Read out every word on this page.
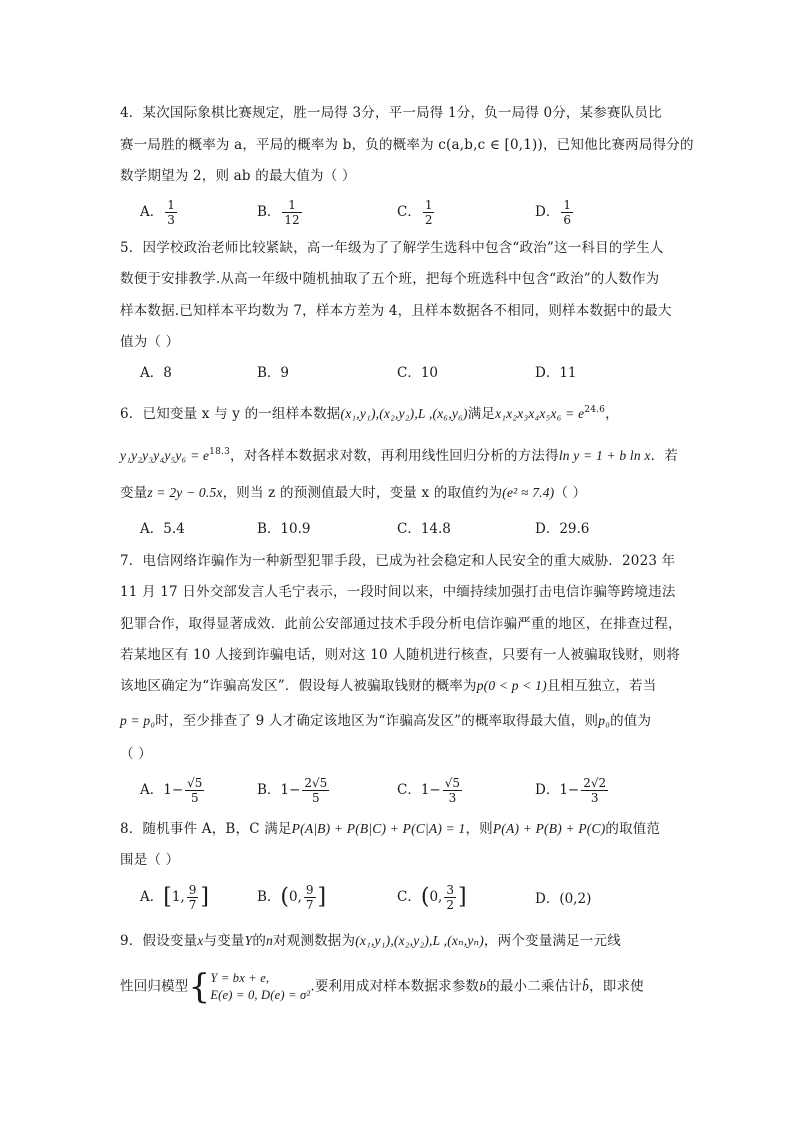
4．某次国际象棋比赛规定，胜一局得 3分，平一局得 1分，负一局得 0分，某参赛队员比
赛一局胜的概率为 a，平局的概率为 b，负的概率为 c(a,b,c ∈ [0,1))，已知他比赛两局得分的
数学期望为 2，则 ab 的最大值为（ ）
A． $\frac{1}{3}$	B． $\frac{1}{12}$	C． $\frac{1}{2}$	D． $\frac{1}{6}$
5．因学校政治老师比较紧缺，高一年级为了了解学生选科中包含“政治”这一科目的学生人
数便于安排教学.从高一年级中随机抽取了五个班，把每个班选科中包含“政治”的人数作为
样本数据.已知样本平均数为 7，样本方差为 4，且样本数据各不相同，则样本数据中的最大
值为（ ）
A．8	B．9	C．10	D．11
6．已知变量 x 与 y 的一组样本数据(x₁,y₁),(x₂,y₂),L ,(x₆,y₆)满足$x_1x_2x_3x_4x_5x_6 = e^{24.6}$，
$y_1y_2y_3y_4y_5y_6 = e^{18.3}$，对各样本数据求对数，再利用线性回归分析的方法得ln y = 1 + b ln x．若
变量z = 2y − 0.5x，则当 z 的预测值最大时，变量 x 的取值约为(e² ≈ 7.4)（ ）
A．5.4	B．10.9	C．14.8	D．29.6
7．电信网络诈骗作为一种新型犯罪手段，已成为社会稳定和人民安全的重大威胁．2023 年
11 月 17 日外交部发言人毛宁表示，一段时间以来，中缅持续加强打击电信诈骗等跨境违法
犯罪合作，取得显著成效．此前公安部通过技术手段分析电信诈骗严重的地区，在排查过程，
若某地区有 10 人接到诈骗电话，则对这 10 人随机进行核查，只要有一人被骗取钱财，则将
该地区确定为“诈骗高发区”．假设每人被骗取钱财的概率为p(0 < p < 1)且相互独立，若当
p = p₀时，至少排查了 9 人才确定该地区为“诈骗高发区”的概率取得最大值，则p₀的值为
（ ）
A．$1- \frac{√5}{5}$	B．$1- \frac{2√5}{5}$	C．$1- \frac{√5}{3}$	D．$1- \frac{2√2}{3}$
8．随机事件 A，B，C 满足P(A|B) + P(B|C) + P(C|A) = 1，则P(A) + P(B) + P(C)的取值范
围是（ ）
A．[1, $\frac{9}{7}$ ]	B．(0, $\frac{9}{7}$ ]	C．(0, $\frac{3}{2}$ ]	D．(0,2)
9．假设变量x与变量Y的n对观测数据为(x₁,y₁),(x₂,y₂),L ,(xₙ,yₙ)，两个变量满足一元线
性回归模型{ Y = bx + e,
E(e) = 0, D(e) = σ²
.要利用成对样本数据求参数b的最小二乘估计b̂，即求使
